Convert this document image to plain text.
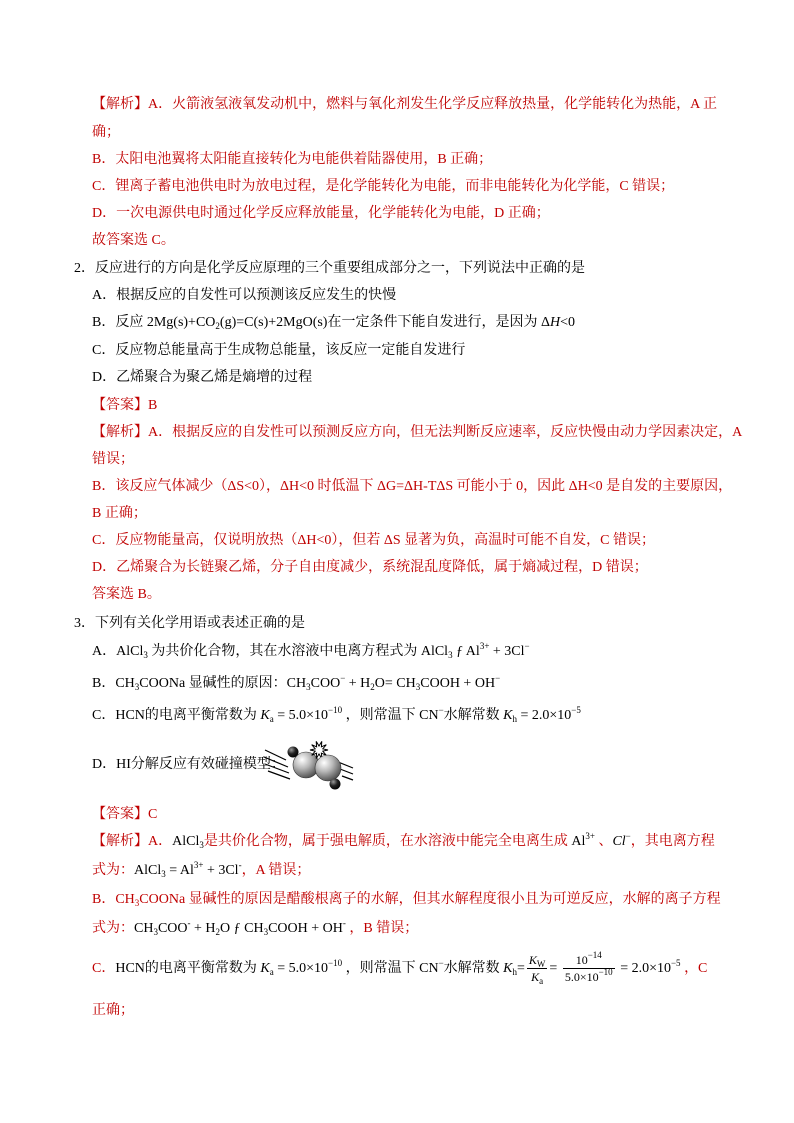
【解析】A．火箭液氢液氧发动机中，燃料与氧化剂发生化学反应释放热量，化学能转化为热能，A 正
确；
B．太阳电池翼将太阳能直接转化为电能供着陆器使用，B 正确；
C．锂离子蓄电池供电时为放电过程，是化学能转化为电能，而非电能转化为化学能，C 错误；
D．一次电源供电时通过化学反应释放能量，化学能转化为电能，D 正确；
故答案选 C。
2．反应进行的方向是化学反应原理的三个重要组成部分之一，下列说法中正确的是
A．根据反应的自发性可以预测该反应发生的快慢
B．反应 $2Mg(s)+CO_2(g)=C(s)+2MgO(s)$在一定条件下能自发进行，是因为 ΔH<0
C．反应物总能量高于生成物总能量，该反应一定能自发进行
D．乙烯聚合为聚乙烯是熵增的过程
【答案】B
【解析】A．根据反应的自发性可以预测反应方向，但无法判断反应速率，反应快慢由动力学因素决定，A
错误；
B．该反应气体减少（ΔS<0），ΔH<0 时低温下 ΔG=ΔH-TΔS 可能小于 0，因此 ΔH<0 是自发的主要原因，
B 正确；
C．反应物能量高，仅说明放热（ΔH<0），但若 ΔS 显著为负，高温时可能不自发，C 错误；
D．乙烯聚合为长链聚乙烯，分子自由度减少，系统混乱度降低，属于熵减过程，D 错误；
答案选 B。
3．下列有关化学用语或表述正确的是
A．AlCl$_3$ 为共价化合物，其在水溶液中电离方程式为 AlCl$_3$ ƒ $Al^{3+} + 3Cl^-$
B．$CH_3COONa$ 显碱性的原因：$CH_3COO^- + H_2O=$ $CH_3COOH + OH^-$
C．HCN的电离平衡常数为 $K_a = 5.0\times 10^{-10}$ ，则常温下 CN−水解常数 $K_h = 2.0\times 10^{-5}$
D．HI分解反应有效碰撞模型：
【答案】C
【解析】A．AlCl$_3$是共价化合物，属于强电解质，在水溶液中能完全电离生成 $Al^{3+}$ 、Cl−，其电离方程
式为：AlCl$_3$ = $Al^{3+} + 3Cl^-$，A 错误；
B．$CH_3COONa$ 显碱性的原因是醋酸根离子的水解，但其水解程度很小且为可逆反应，水解的离子方程
式为：$CH_3COO^- + H_2O$ ƒ $CH_3COOH + OH^-$ ，B 错误；
C．HCN的电离平衡常数为 $K_a = 5.0\times 10^{-10}$ ，则常温下 CN−水解常数 $K_h= \frac{K_W}{K_a} = \frac{10^{-14}}{5.0\times 10^{-10}} = 2.0\times 10^{-5}$ ，C
正确；
